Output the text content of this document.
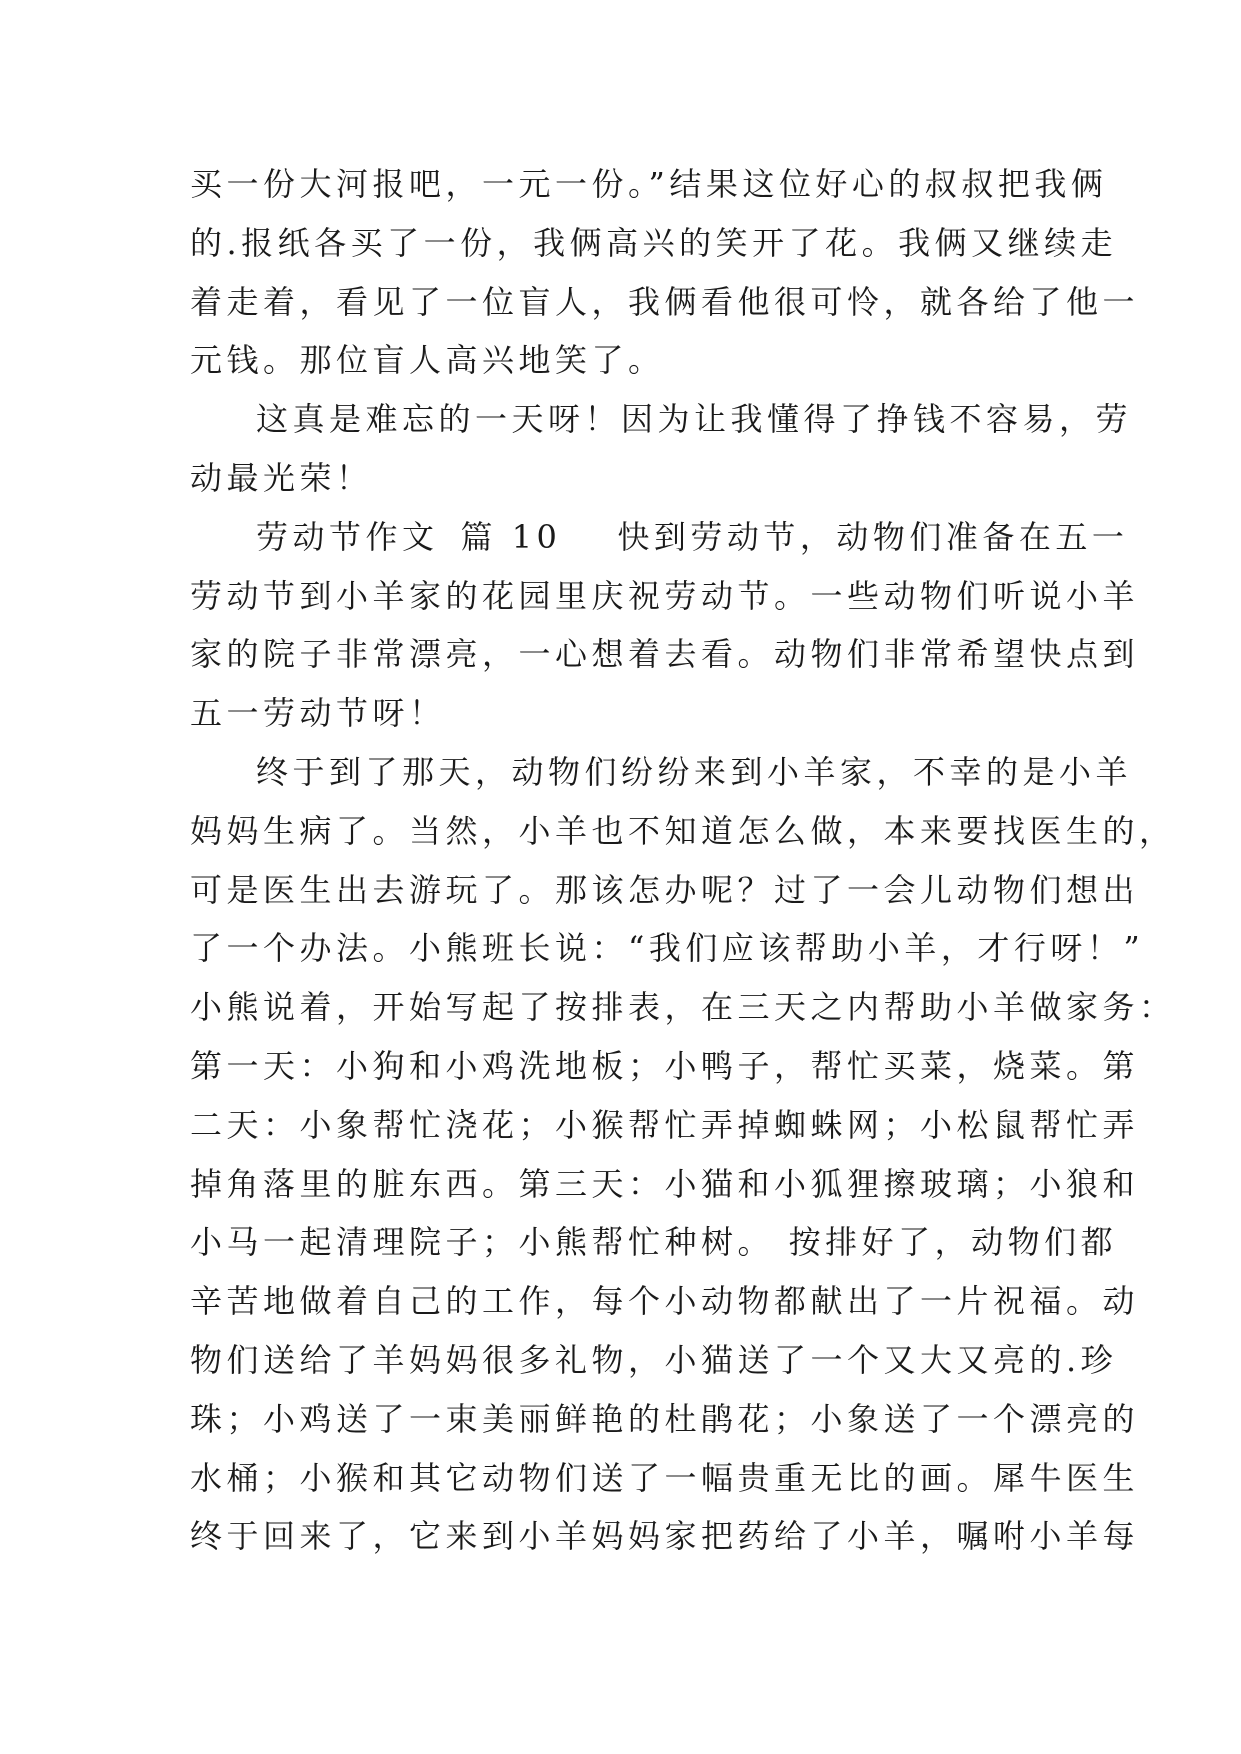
买一份大河报吧，一元一份。”结果这位好心的叔叔把我俩
的.报纸各买了一份，我俩高兴的笑开了花。我俩又继续走
着走着，看见了一位盲人，我俩看他很可怜，就各给了他一
元钱。那位盲人高兴地笑了。
这真是难忘的一天呀！因为让我懂得了挣钱不容易，劳
动最光荣！
劳动节作文 篇 10 快到劳动节，动物们准备在五一
劳动节到小羊家的花园里庆祝劳动节。一些动物们听说小羊
家的院子非常漂亮，一心想着去看。动物们非常希望快点到
五一劳动节呀！
终于到了那天，动物们纷纷来到小羊家，不幸的是小羊
妈妈生病了。当然，小羊也不知道怎么做，本来要找医生的，
可是医生出去游玩了。那该怎办呢？过了一会儿动物们想出
了一个办法。小熊班长说：“我们应该帮助小羊，才行呀！”
小熊说着，开始写起了按排表，在三天之内帮助小羊做家务：
第一天：小狗和小鸡洗地板；小鸭子，帮忙买菜，烧菜。第
二天：小象帮忙浇花；小猴帮忙弄掉蜘蛛网；小松鼠帮忙弄
掉角落里的脏东西。第三天：小猫和小狐狸擦玻璃；小狼和
小马一起清理院子；小熊帮忙种树。 按排好了，动物们都
辛苦地做着自己的工作，每个小动物都献出了一片祝福。动
物们送给了羊妈妈很多礼物，小猫送了一个又大又亮的.珍
珠；小鸡送了一束美丽鲜艳的杜鹃花；小象送了一个漂亮的
水桶；小猴和其它动物们送了一幅贵重无比的画。犀牛医生
终于回来了，它来到小羊妈妈家把药给了小羊，嘱咐小羊每
